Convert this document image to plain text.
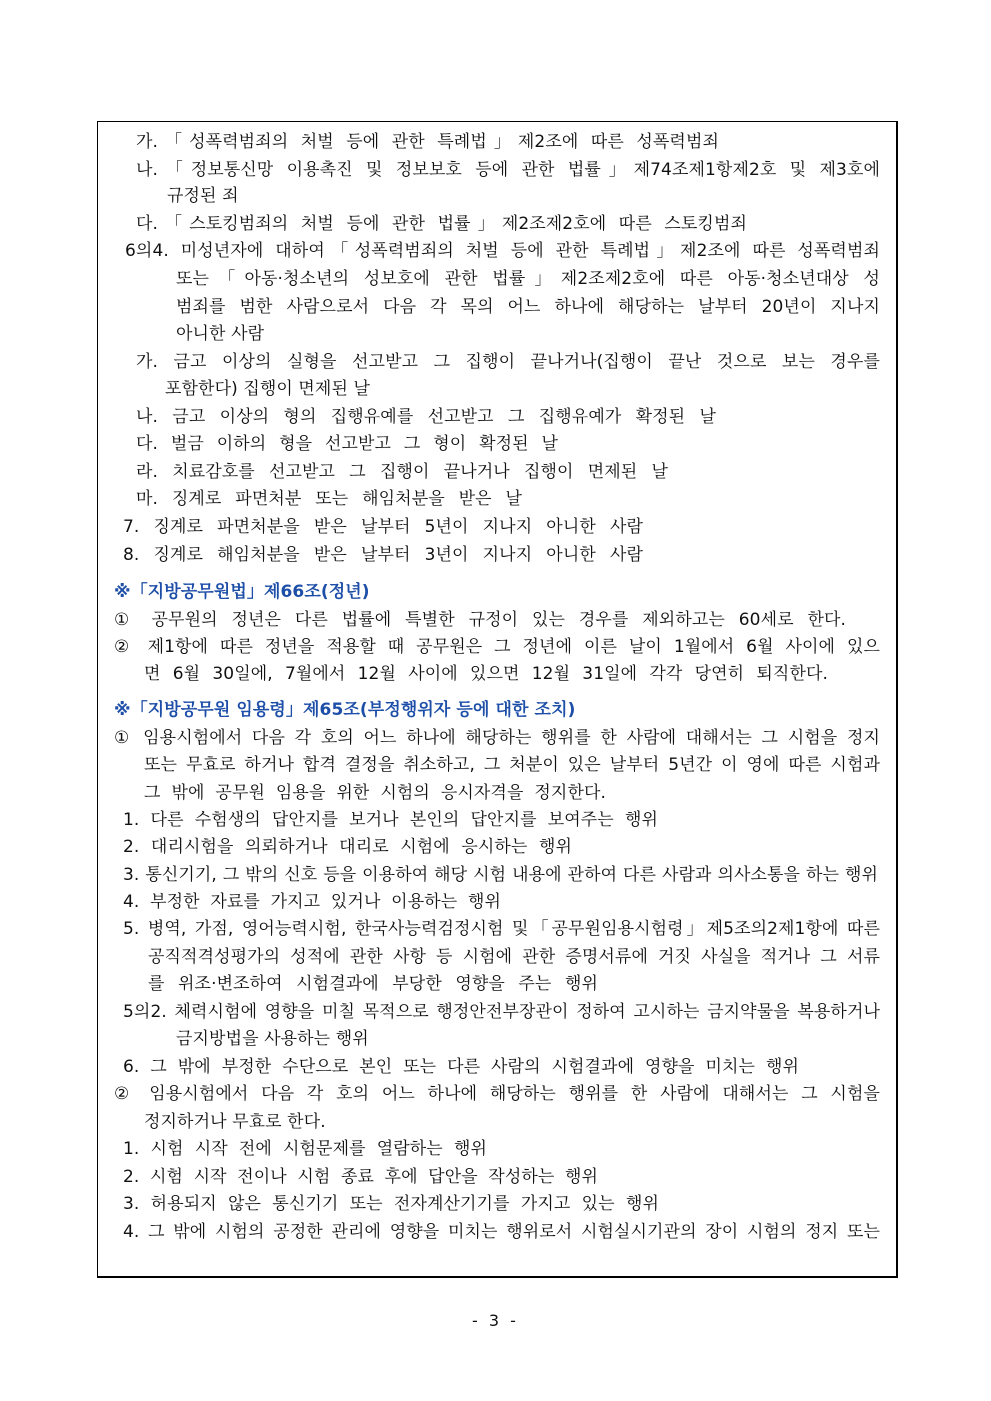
가.「성폭력범죄의 처벌 등에 관한 특례법」제2조에 따른 성폭력범죄
나.「정보통신망 이용촉진 및 정보보호 등에 관한 법률」제74조제1항제2호 및 제3호에
규정된 죄
다.「스토킹범죄의 처벌 등에 관한 법률」제2조제2호에 따른 스토킹범죄
6의4. 미성년자에 대하여「성폭력범죄의 처벌 등에 관한 특례법」제2조에 따른 성폭력범죄
또는「아동·청소년의 성보호에 관한 법률」제2조제2호에 따른 아동·청소년대상 성
범죄를 범한 사람으로서 다음 각 목의 어느 하나에 해당하는 날부터 20년이 지나지
아니한 사람
가. 금고 이상의 실형을 선고받고 그 집행이 끝나거나(집행이 끝난 것으로 보는 경우를
포함한다) 집행이 면제된 날
나. 금고 이상의 형의 집행유예를 선고받고 그 집행유예가 확정된 날
다. 벌금 이하의 형을 선고받고 그 형이 확정된 날
라. 치료감호를 선고받고 그 집행이 끝나거나 집행이 면제된 날
마. 징계로 파면처분 또는 해임처분을 받은 날
7. 징계로 파면처분을 받은 날부터 5년이 지나지 아니한 사람
8. 징계로 해임처분을 받은 날부터 3년이 지나지 아니한 사람
※「지방공무원법」제66조(정년)
① 공무원의 정년은 다른 법률에 특별한 규정이 있는 경우를 제외하고는 60세로 한다.
② 제1항에 따른 정년을 적용할 때 공무원은 그 정년에 이른 날이 1월에서 6월 사이에 있으
면 6월 30일에, 7월에서 12월 사이에 있으면 12월 31일에 각각 당연히 퇴직한다.
※「지방공무원 임용령」제65조(부정행위자 등에 대한 조치)
① 임용시험에서 다음 각 호의 어느 하나에 해당하는 행위를 한 사람에 대해서는 그 시험을 정지
또는 무효로 하거나 합격 결정을 취소하고, 그 처분이 있은 날부터 5년간 이 영에 따른 시험과
그 밖에 공무원 임용을 위한 시험의 응시자격을 정지한다.
1. 다른 수험생의 답안지를 보거나 본인의 답안지를 보여주는 행위
2. 대리시험을 의뢰하거나 대리로 시험에 응시하는 행위
3. 통신기기, 그 밖의 신호 등을 이용하여 해당 시험 내용에 관하여 다른 사람과 의사소통을 하는 행위
4. 부정한 자료를 가지고 있거나 이용하는 행위
5. 병역, 가점, 영어능력시험, 한국사능력검정시험 및「공무원임용시험령」제5조의2제1항에 따른
공직적격성평가의 성적에 관한 사항 등 시험에 관한 증명서류에 거짓 사실을 적거나 그 서류
를 위조·변조하여 시험결과에 부당한 영향을 주는 행위
5의2. 체력시험에 영향을 미칠 목적으로 행정안전부장관이 정하여 고시하는 금지약물을 복용하거나
금지방법을 사용하는 행위
6. 그 밖에 부정한 수단으로 본인 또는 다른 사람의 시험결과에 영향을 미치는 행위
② 임용시험에서 다음 각 호의 어느 하나에 해당하는 행위를 한 사람에 대해서는 그 시험을
정지하거나 무효로 한다.
1. 시험 시작 전에 시험문제를 열람하는 행위
2. 시험 시작 전이나 시험 종료 후에 답안을 작성하는 행위
3. 허용되지 않은 통신기기 또는 전자계산기기를 가지고 있는 행위
4. 그 밖에 시험의 공정한 관리에 영향을 미치는 행위로서 시험실시기관의 장이 시험의 정지 또는
- 3 -
